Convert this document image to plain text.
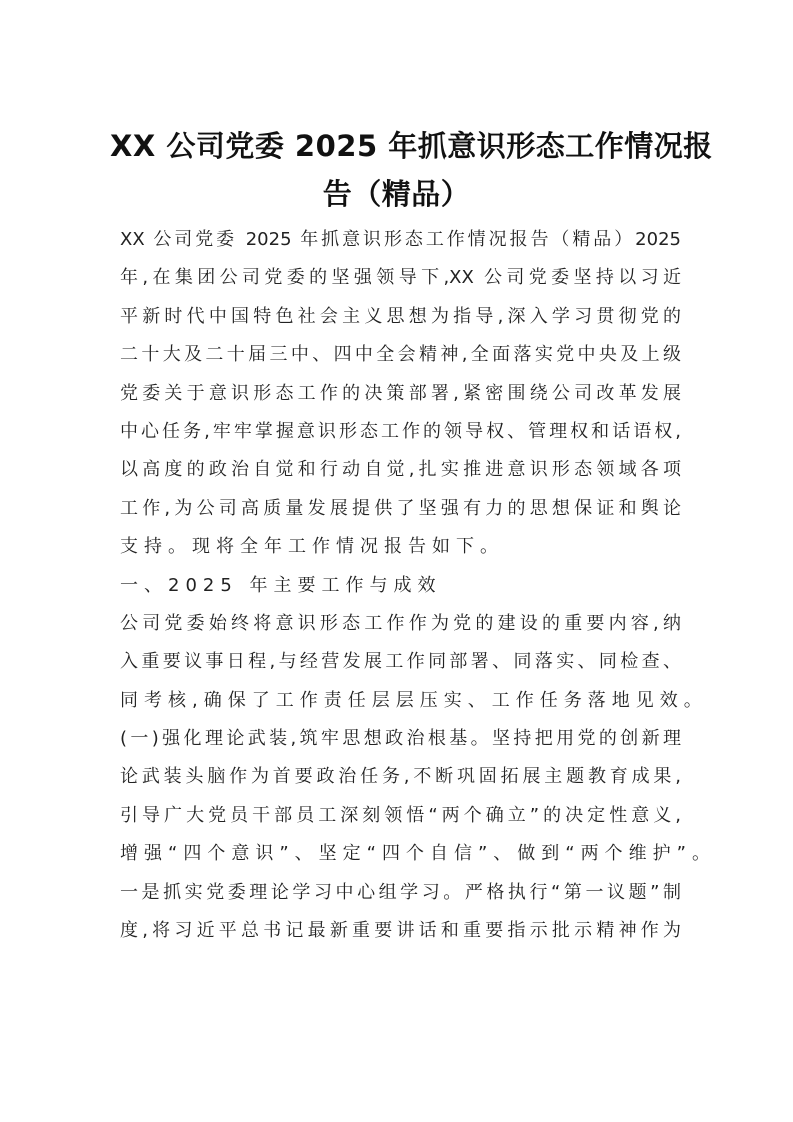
XX 公司党委 2025 年抓意识形态工作情况报
告（精品）
XX 公司党委 2025 年抓意识形态工作情况报告（精品）2025
年,在集团公司党委的坚强领导下,XX 公司党委坚持以习近
平新时代中国特色社会主义思想为指导,深入学习贯彻党的
二十大及二十届三中、四中全会精神,全面落实党中央及上级
党委关于意识形态工作的决策部署,紧密围绕公司改革发展
中心任务,牢牢掌握意识形态工作的领导权、管理权和话语权,
以高度的政治自觉和行动自觉,扎实推进意识形态领域各项
工作,为公司高质量发展提供了坚强有力的思想保证和舆论
支持。现将全年工作情况报告如下。
一、2025 年主要工作与成效
公司党委始终将意识形态工作作为党的建设的重要内容,纳
入重要议事日程,与经营发展工作同部署、同落实、同检查、
同考核,确保了工作责任层层压实、工作任务落地见效。
(一)强化理论武装,筑牢思想政治根基。坚持把用党的创新理
论武装头脑作为首要政治任务,不断巩固拓展主题教育成果,
引导广大党员干部员工深刻领悟“两个确立”的决定性意义,
增强“四个意识”、坚定“四个自信”、做到“两个维护”。
一是抓实党委理论学习中心组学习。严格执行“第一议题”制
度,将习近平总书记最新重要讲话和重要指示批示精神作为
